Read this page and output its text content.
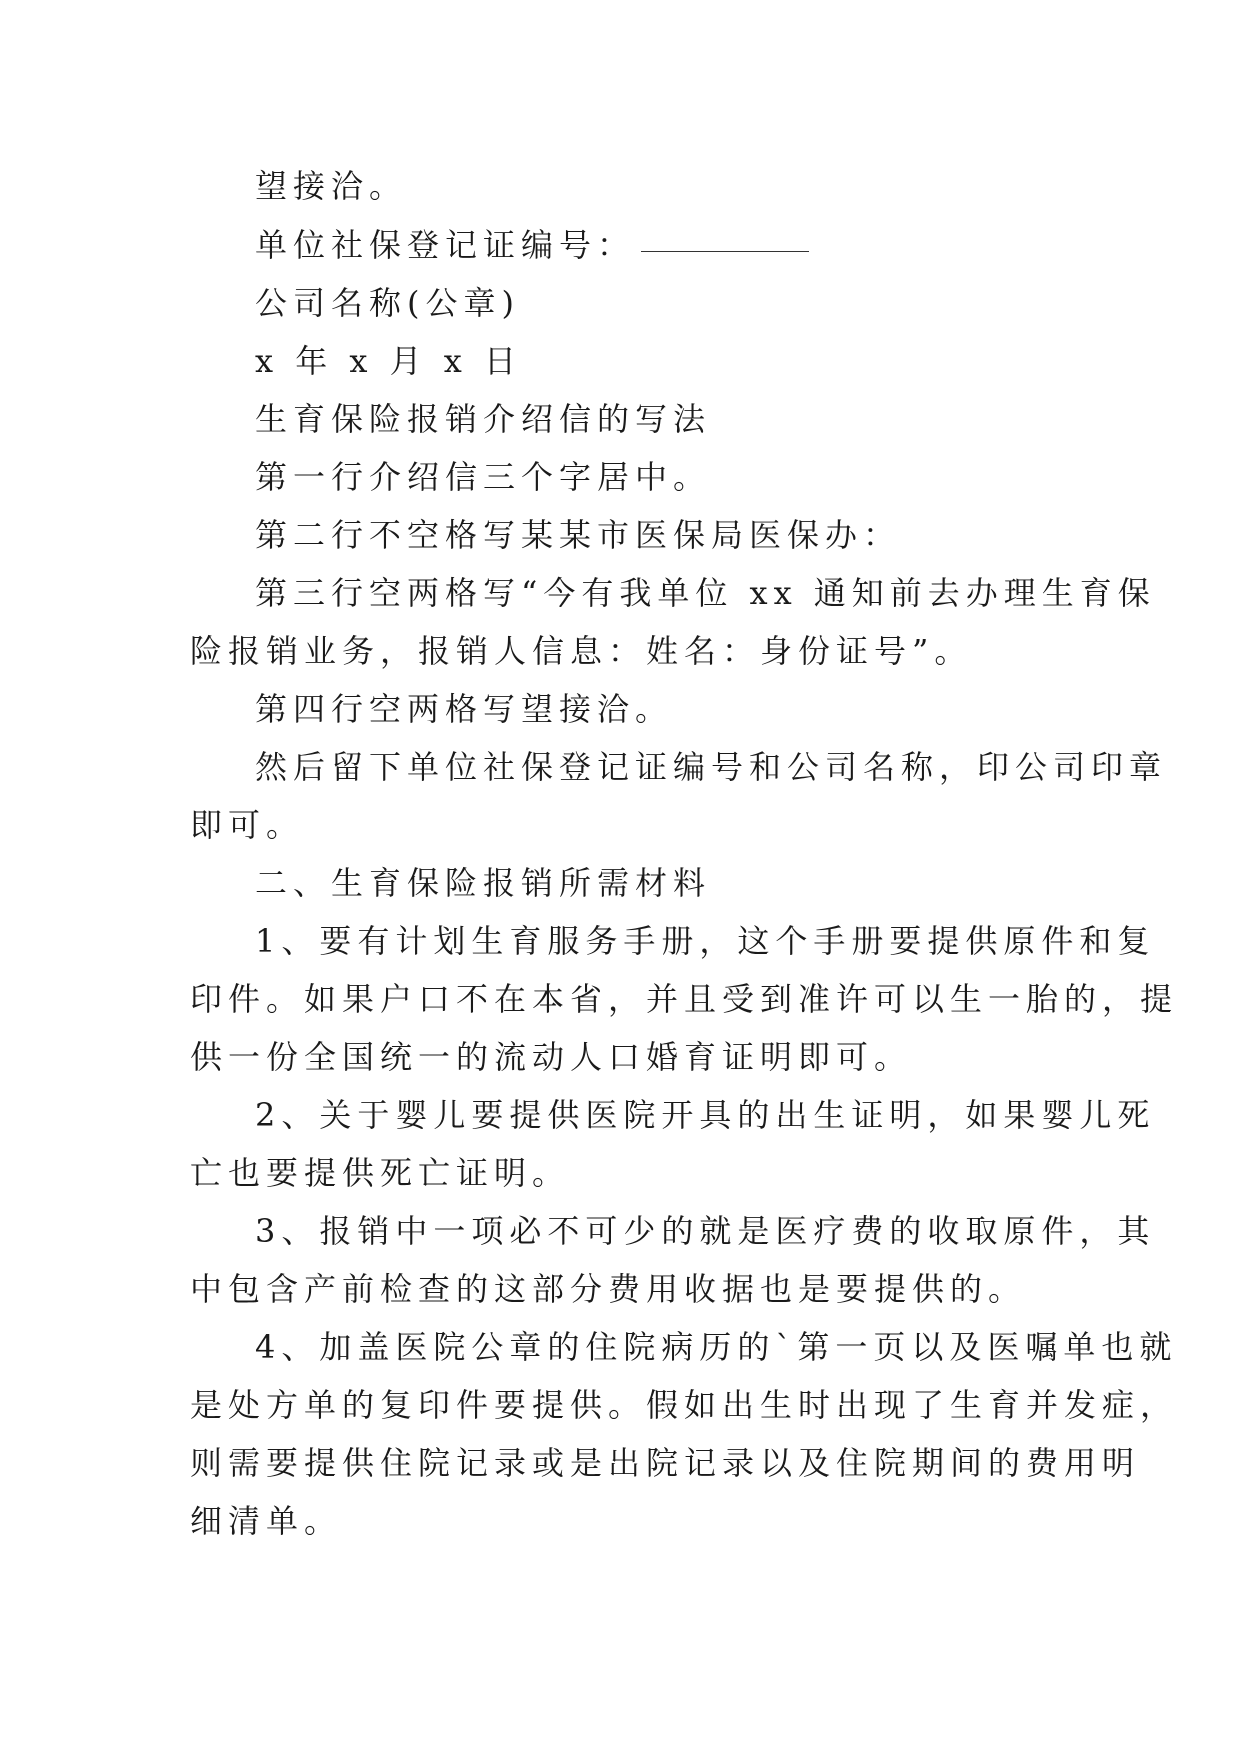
望接洽。
单位社保登记证编号：
公司名称(公章)
x 年 x 月 x 日
生育保险报销介绍信的写法
第一行介绍信三个字居中。
第二行不空格写某某市医保局医保办：
第三行空两格写“今有我单位 xx 通知前去办理生育保
险报销业务，报销人信息：姓名：身份证号”。
第四行空两格写望接洽。
然后留下单位社保登记证编号和公司名称，印公司印章
即可。
二、生育保险报销所需材料
1、要有计划生育服务手册，这个手册要提供原件和复
印件。如果户口不在本省，并且受到准许可以生一胎的，提
供一份全国统一的流动人口婚育证明即可。
2、关于婴儿要提供医院开具的出生证明，如果婴儿死
亡也要提供死亡证明。
3、报销中一项必不可少的就是医疗费的收取原件，其
中包含产前检查的这部分费用收据也是要提供的。
4、加盖医院公章的住院病历的`第一页以及医嘱单也就
是处方单的复印件要提供。假如出生时出现了生育并发症，
则需要提供住院记录或是出院记录以及住院期间的费用明
细清单。
